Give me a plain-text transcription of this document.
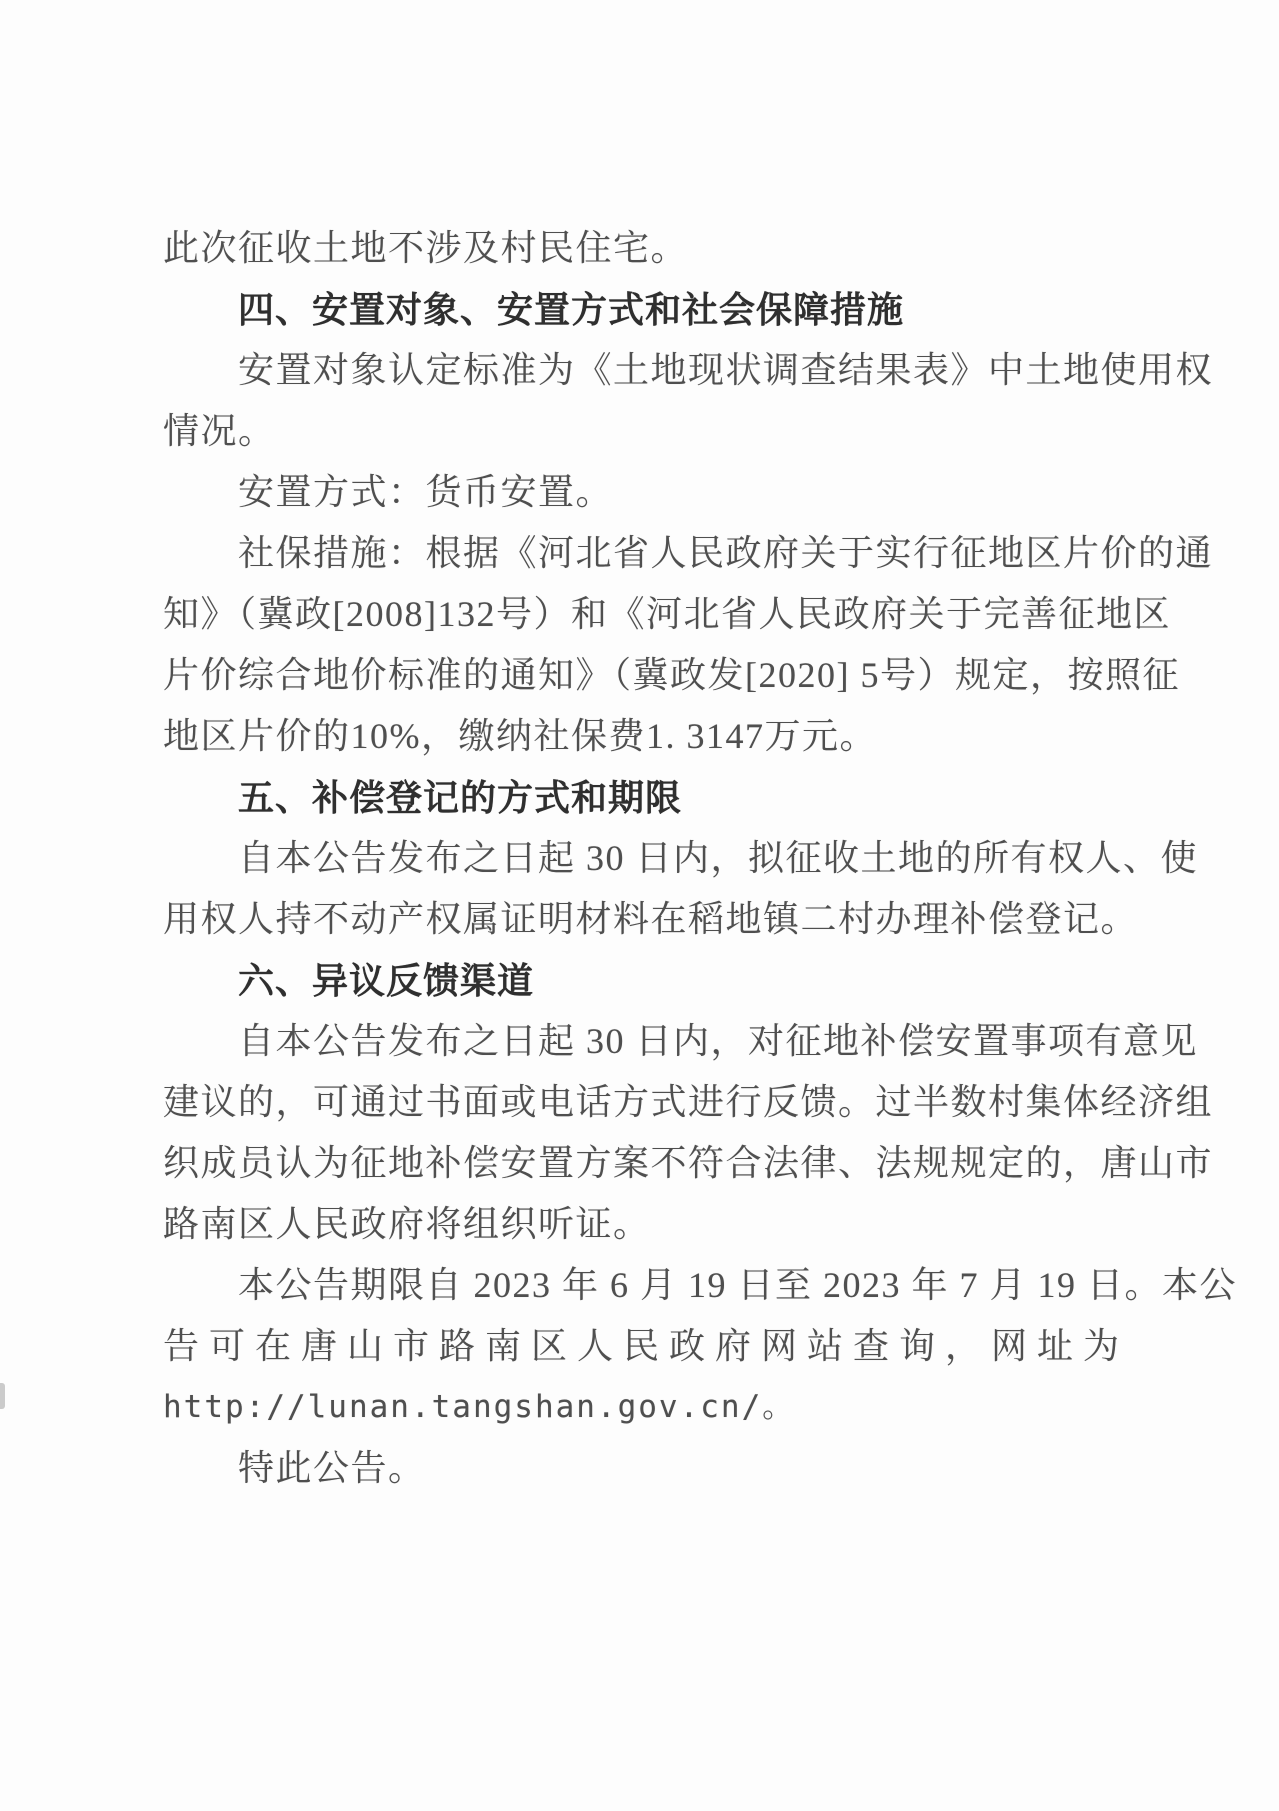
此次征收土地不涉及村民住宅。
四、安置对象、安置方式和社会保障措施
安置对象认定标准为《土地现状调查结果表》中土地使用权
情况。
安置方式：货币安置。
社保措施：根据《河北省人民政府关于实行征地区片价的通
知》（冀政[2008]132号）和《河北省人民政府关于完善征地区
片价综合地价标准的通知》（冀政发[2020] 5号）规定，按照征
地区片价的10%，缴纳社保费1. 3147万元。
五、补偿登记的方式和期限
自本公告发布之日起 30 日内，拟征收土地的所有权人、使
用权人持不动产权属证明材料在稻地镇二村办理补偿登记。
六、异议反馈渠道
自本公告发布之日起 30 日内，对征地补偿安置事项有意见
建议的，可通过书面或电话方式进行反馈。过半数村集体经济组
织成员认为征地补偿安置方案不符合法律、法规规定的，唐山市
路南区人民政府将组织听证。
本公告期限自 2023 年 6 月 19 日至 2023 年 7 月 19 日。本公
告可在唐山市路南区人民政府网站查询，网址为
http://lunan.tangshan.gov.cn/。
特此公告。
